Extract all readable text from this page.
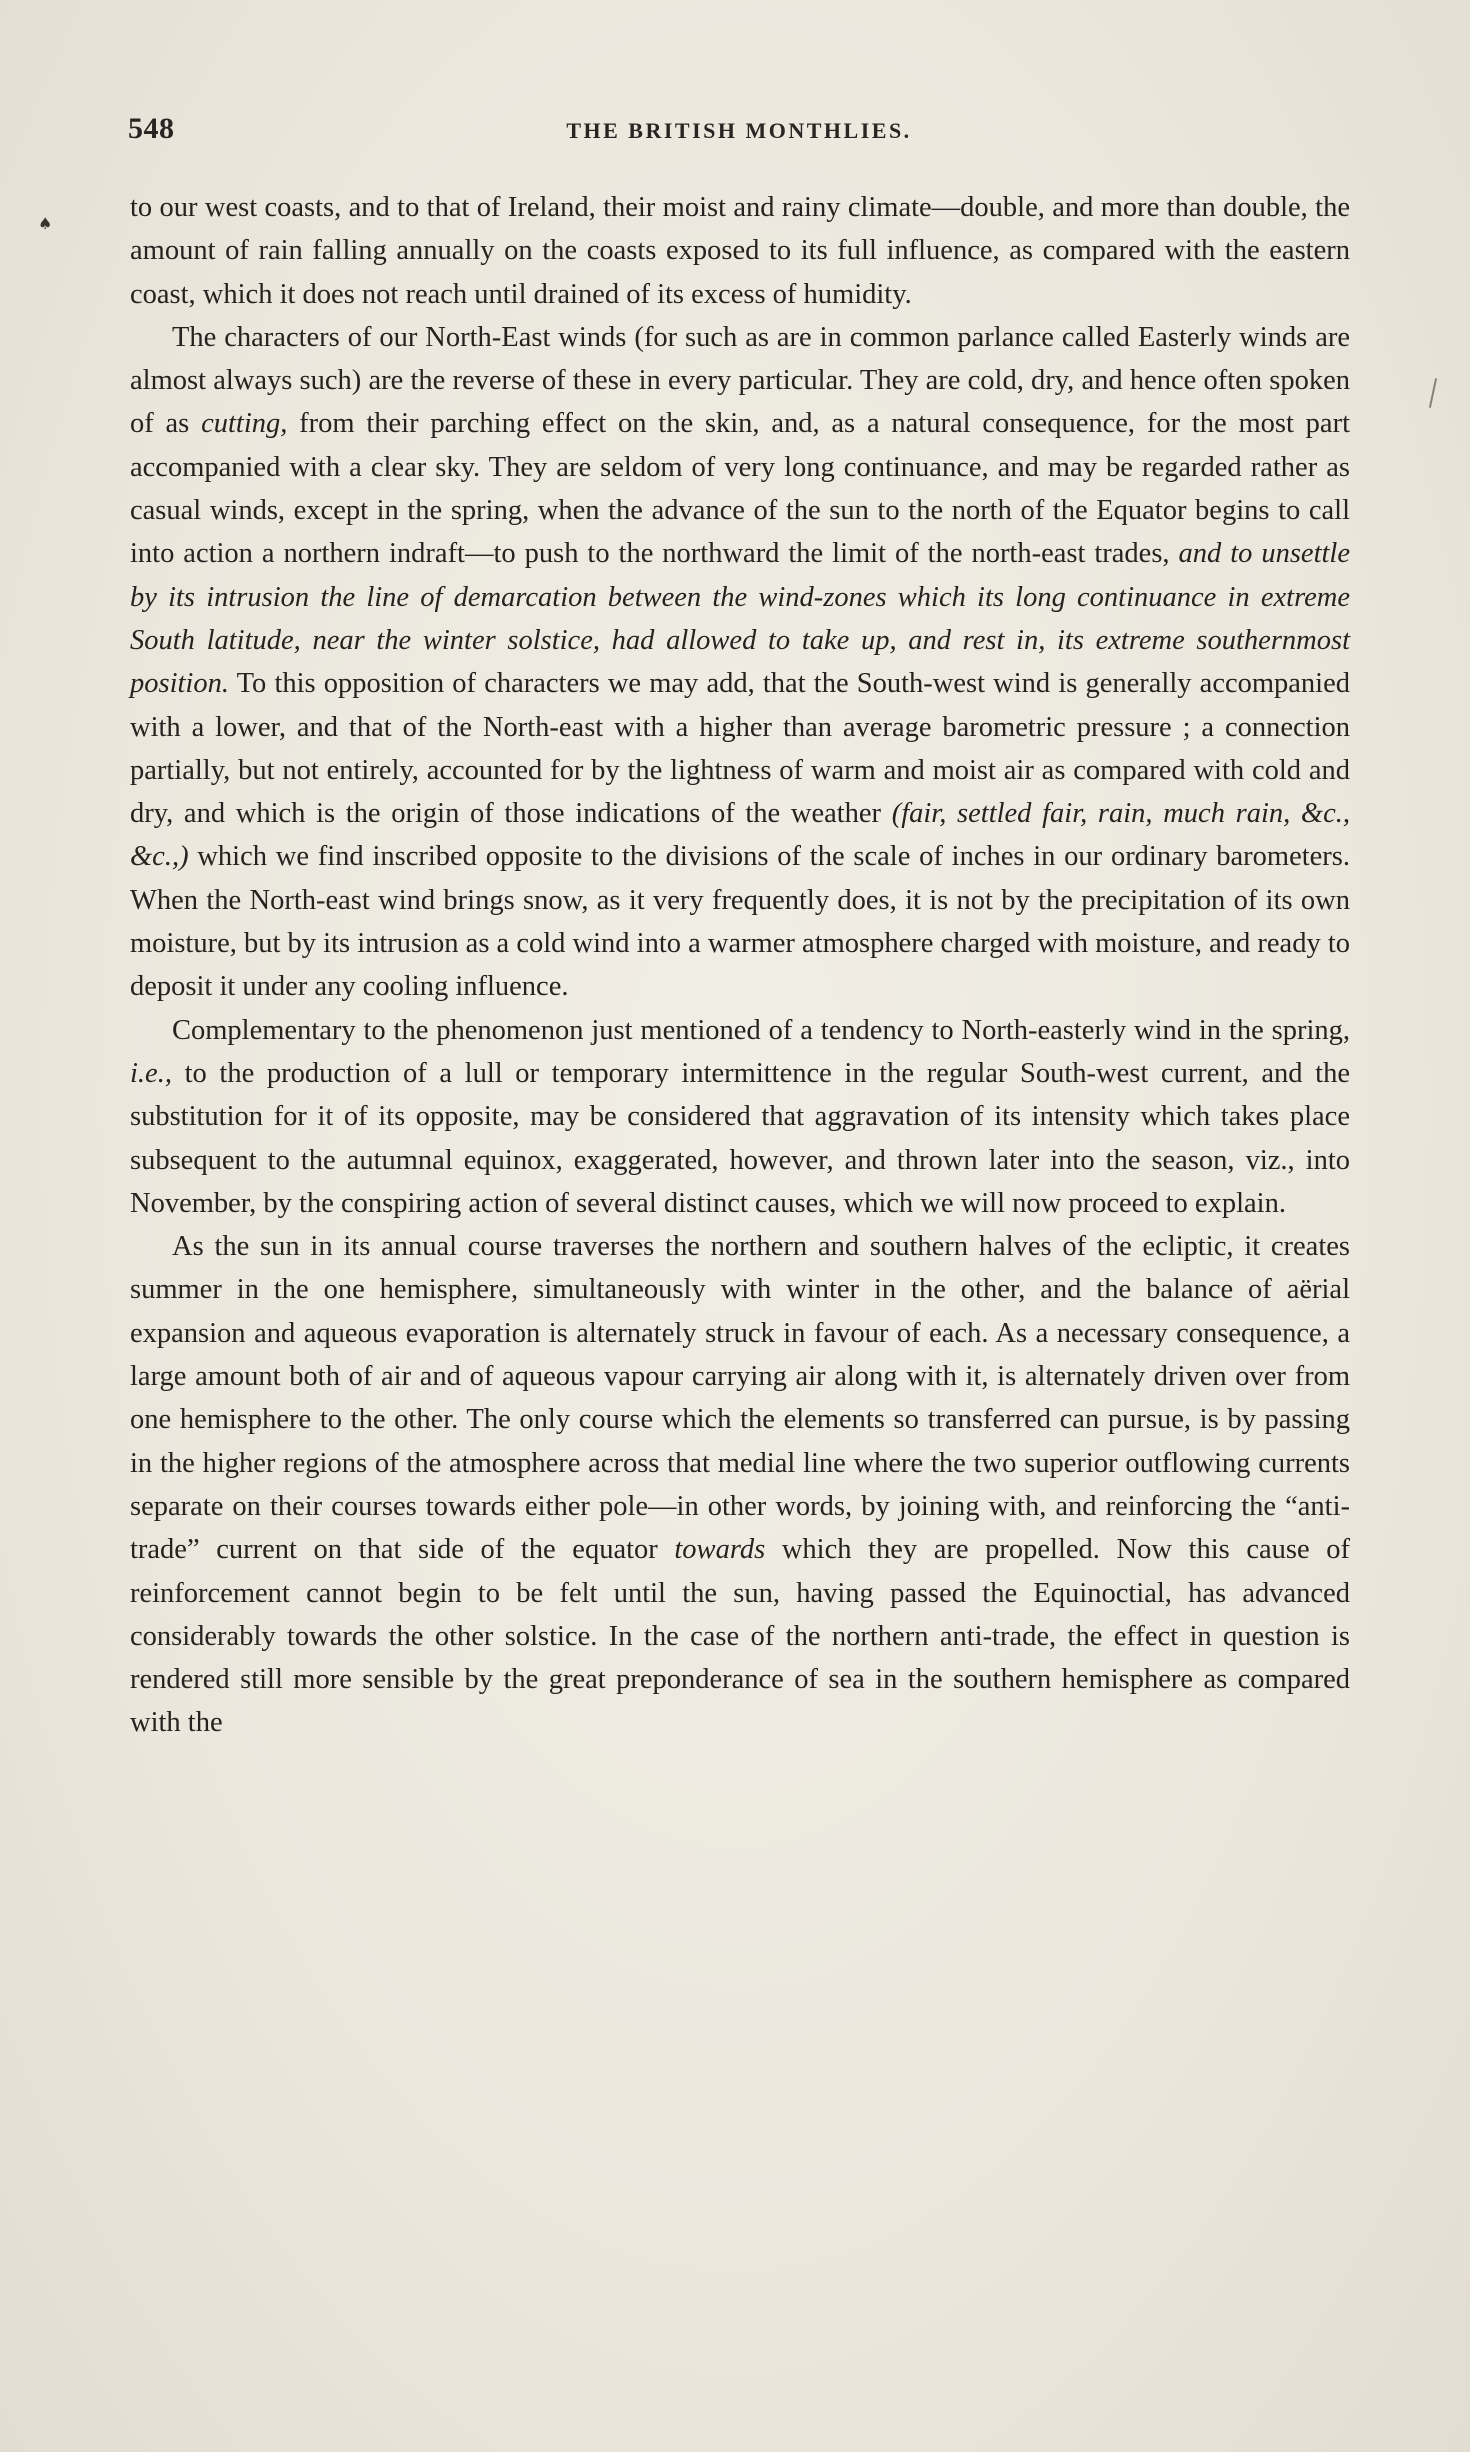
548	THE BRITISH MONTHLIES.
♠

to our west coasts, and to that of Ireland, their moist and rainy climate—double, and more than double, the amount of rain falling annually on the coasts exposed to its full influence, as compared with the eastern coast, which it does not reach until drained of its excess of humidity.

The characters of our North-East winds (for such as are in common parlance called Easterly winds are almost always such) are the reverse of these in every particular. They are cold, dry, and hence often spoken of as cutting, from their parching effect on the skin, and, as a natural consequence, for the most part accompanied with a clear sky. They are seldom of very long continuance, and may be regarded rather as casual winds, except in the spring, when the advance of the sun to the north of the Equator begins to call into action a northern indraft—to push to the northward the limit of the north-east trades, and to unsettle by its intrusion the line of demarcation between the wind-zones which its long continuance in extreme South latitude, near the winter solstice, had allowed to take up, and rest in, its extreme southernmost position. To this opposition of characters we may add, that the South-west wind is generally accompanied with a lower, and that of the North-east with a higher than average barometric pressure ; a connection partially, but not entirely, accounted for by the lightness of warm and moist air as compared with cold and dry, and which is the origin of those indications of the weather (fair, settled fair, rain, much rain, &c., &c.,) which we find inscribed opposite to the divisions of the scale of inches in our ordinary barometers. When the North-east wind brings snow, as it very frequently does, it is not by the precipitation of its own moisture, but by its intrusion as a cold wind into a warmer atmosphere charged with moisture, and ready to deposit it under any cooling influence.

Complementary to the phenomenon just mentioned of a tendency to North-easterly wind in the spring, i.e., to the production of a lull or temporary intermittence in the regular South-west current, and the substitution for it of its opposite, may be considered that aggravation of its intensity which takes place subsequent to the autumnal equinox, exaggerated, however, and thrown later into the season, viz., into November, by the conspiring action of several distinct causes, which we will now proceed to explain.

As the sun in its annual course traverses the northern and southern halves of the ecliptic, it creates summer in the one hemisphere, simultaneously with winter in the other, and the balance of aërial expansion and aqueous evaporation is alternately struck in favour of each. As a necessary consequence, a large amount both of air and of aqueous vapour carrying air along with it, is alternately driven over from one hemisphere to the other. The only course which the elements so transferred can pursue, is by passing in the higher regions of the atmosphere across that medial line where the two superior outflowing currents separate on their courses towards either pole—in other words, by joining with, and reinforcing the “anti-trade” current on that side of the equator towards which they are propelled. Now this cause of reinforcement cannot begin to be felt until the sun, having passed the Equinoctial, has advanced considerably towards the other solstice. In the case of the northern anti-trade, the effect in question is rendered still more sensible by the great preponderance of sea in the southern hemisphere as compared with the
